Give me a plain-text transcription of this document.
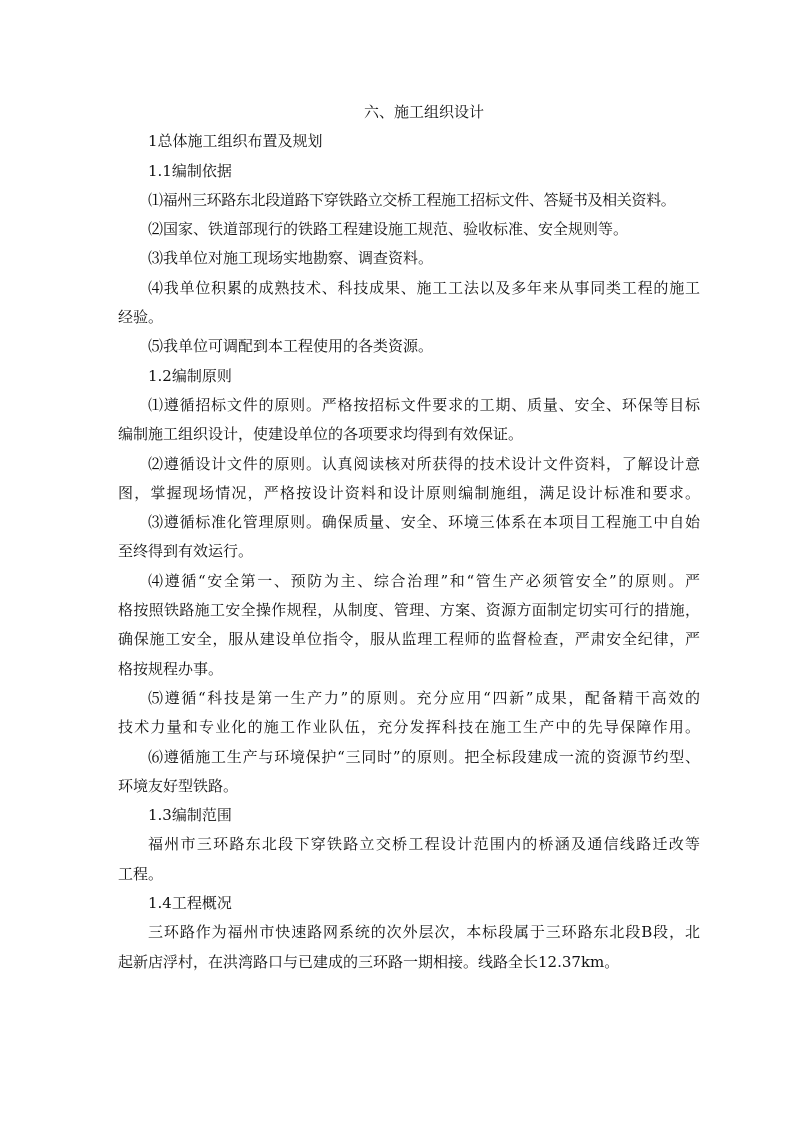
六、施工组织设计
1总体施工组织布置及规划
1.1编制依据
⑴福州三环路东北段道路下穿铁路立交桥工程施工招标文件、答疑书及相关资料。
⑵国家、铁道部现行的铁路工程建设施工规范、验收标准、安全规则等。
⑶我单位对施工现场实地勘察、调查资料。
⑷我单位积累的成熟技术、科技成果、施工工法以及多年来从事同类工程的施工
经验。
⑸我单位可调配到本工程使用的各类资源。
1.2编制原则
⑴遵循招标文件的原则。严格按招标文件要求的工期、质量、安全、环保等目标
编制施工组织设计，使建设单位的各项要求均得到有效保证。
⑵遵循设计文件的原则。认真阅读核对所获得的技术设计文件资料，了解设计意
图，掌握现场情况，严格按设计资料和设计原则编制施组，满足设计标准和要求。
⑶遵循标准化管理原则。确保质量、安全、环境三体系在本项目工程施工中自始
至终得到有效运行。
⑷遵循“安全第一、预防为主、综合治理”和“管生产必须管安全”的原则。严
格按照铁路施工安全操作规程，从制度、管理、方案、资源方面制定切实可行的措施，
确保施工安全，服从建设单位指令，服从监理工程师的监督检查，严肃安全纪律，严
格按规程办事。
⑸遵循“科技是第一生产力”的原则。充分应用“四新”成果，配备精干高效的
技术力量和专业化的施工作业队伍，充分发挥科技在施工生产中的先导保障作用。
⑹遵循施工生产与环境保护“三同时”的原则。把全标段建成一流的资源节约型、
环境友好型铁路。
1.3编制范围
福州市三环路东北段下穿铁路立交桥工程设计范围内的桥涵及通信线路迁改等
工程。
1.4工程概况
三环路作为福州市快速路网系统的次外层次，本标段属于三环路东北段B段，北
起新店浮村，在洪湾路口与已建成的三环路一期相接。线路全长12.37km。
